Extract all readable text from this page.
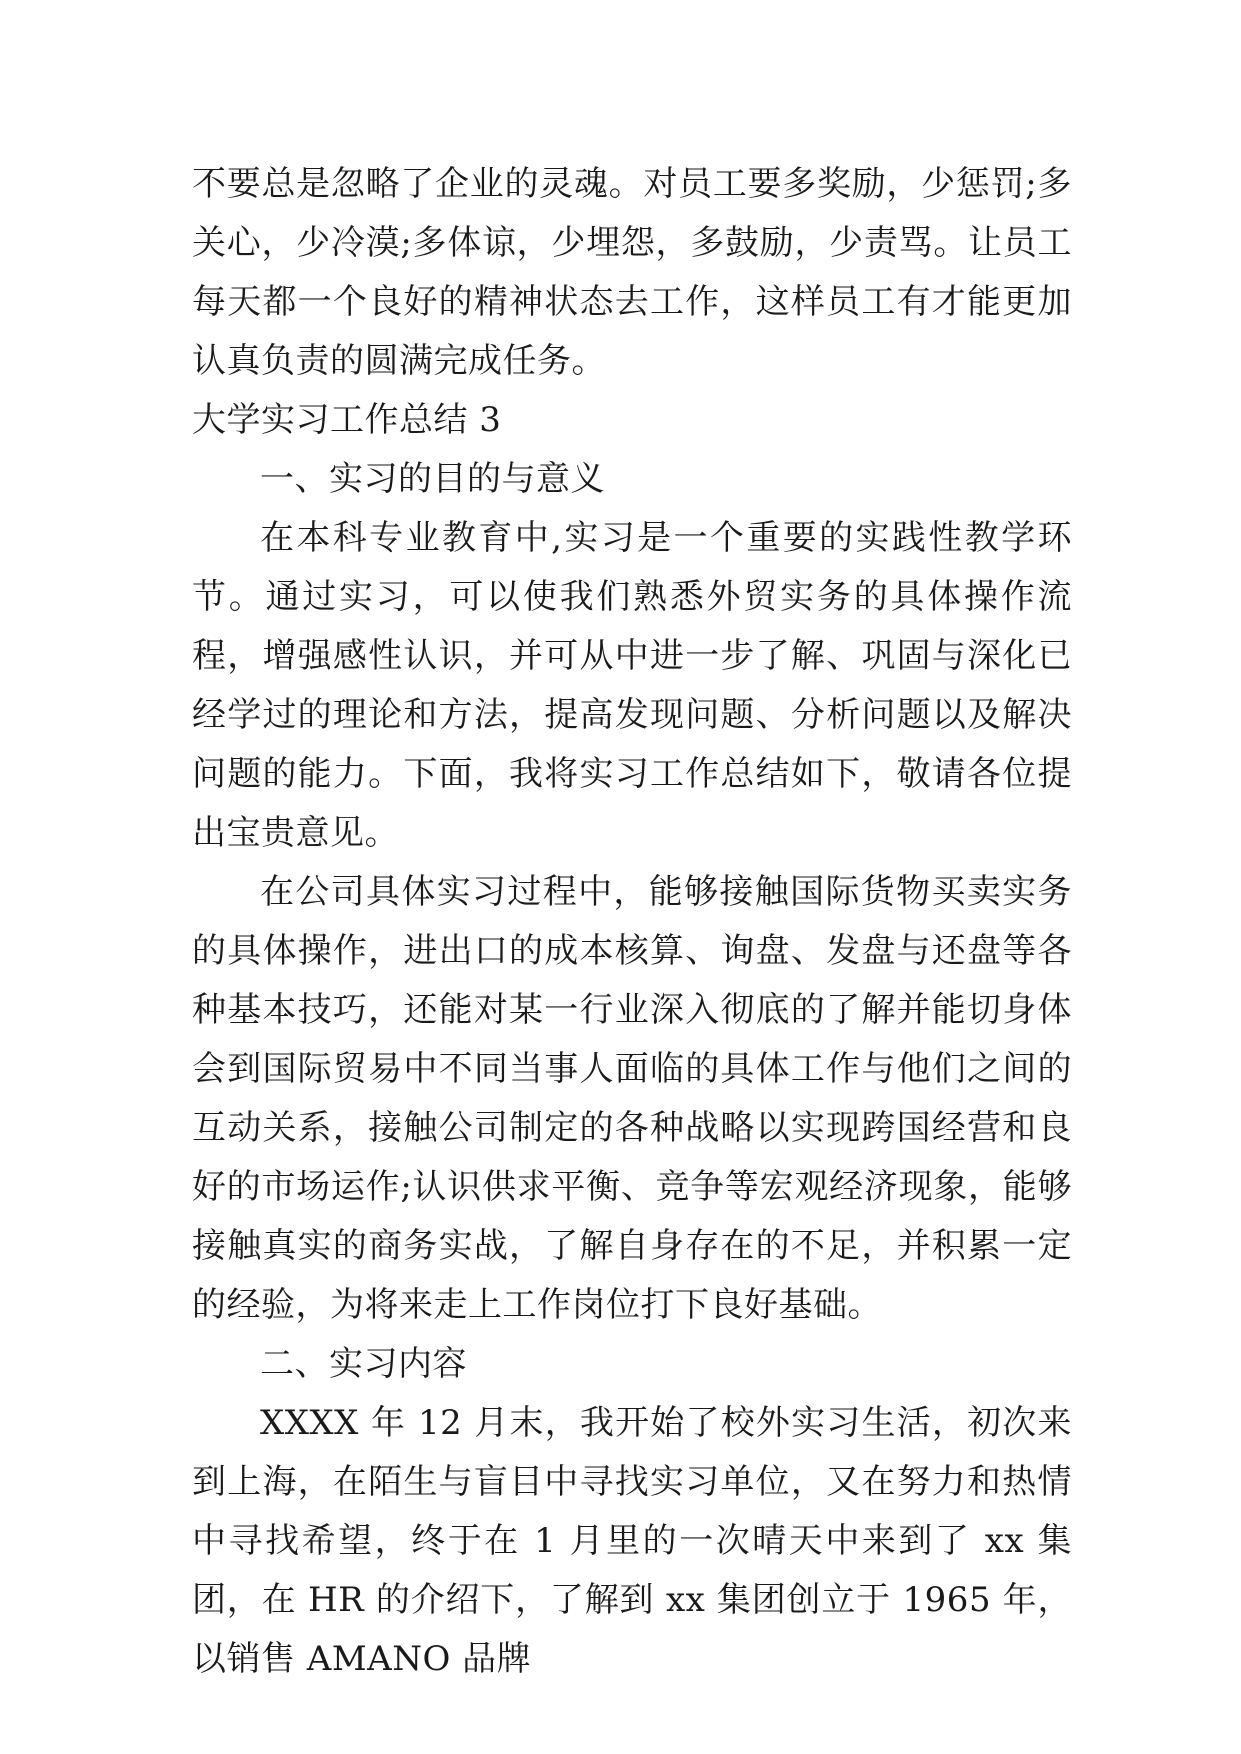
不要总是忽略了企业的灵魂。对员工要多奖励，少惩罚;多关心，少冷漠;多体谅，少埋怨，多鼓励，少责骂。让员工每天都一个良好的精神状态去工作，这样员工有才能更加认真负责的圆满完成任务。

大学实习工作总结 3

一、实习的目的与意义

在本科专业教育中,实习是一个重要的实践性教学环节。通过实习，可以使我们熟悉外贸实务的具体操作流程，增强感性认识，并可从中进一步了解、巩固与深化已经学过的理论和方法，提高发现问题、分析问题以及解决问题的能力。下面，我将实习工作总结如下，敬请各位提出宝贵意见。

在公司具体实习过程中，能够接触国际货物买卖实务的具体操作，进出口的成本核算、询盘、发盘与还盘等各种基本技巧，还能对某一行业深入彻底的了解并能切身体会到国际贸易中不同当事人面临的具体工作与他们之间的互动关系，接触公司制定的各种战略以实现跨国经营和良好的市场运作;认识供求平衡、竞争等宏观经济现象，能够接触真实的商务实战，了解自身存在的不足，并积累一定的经验，为将来走上工作岗位打下良好基础。

二、实习内容

XXXX 年 12 月末，我开始了校外实习生活，初次来到上海，在陌生与盲目中寻找实习单位，又在努力和热情中寻找希望，终于在 1 月里的一次晴天中来到了 xx 集团，在 HR 的介绍下，了解到 xx 集团创立于 1965 年，以销售 AMANO 品牌
